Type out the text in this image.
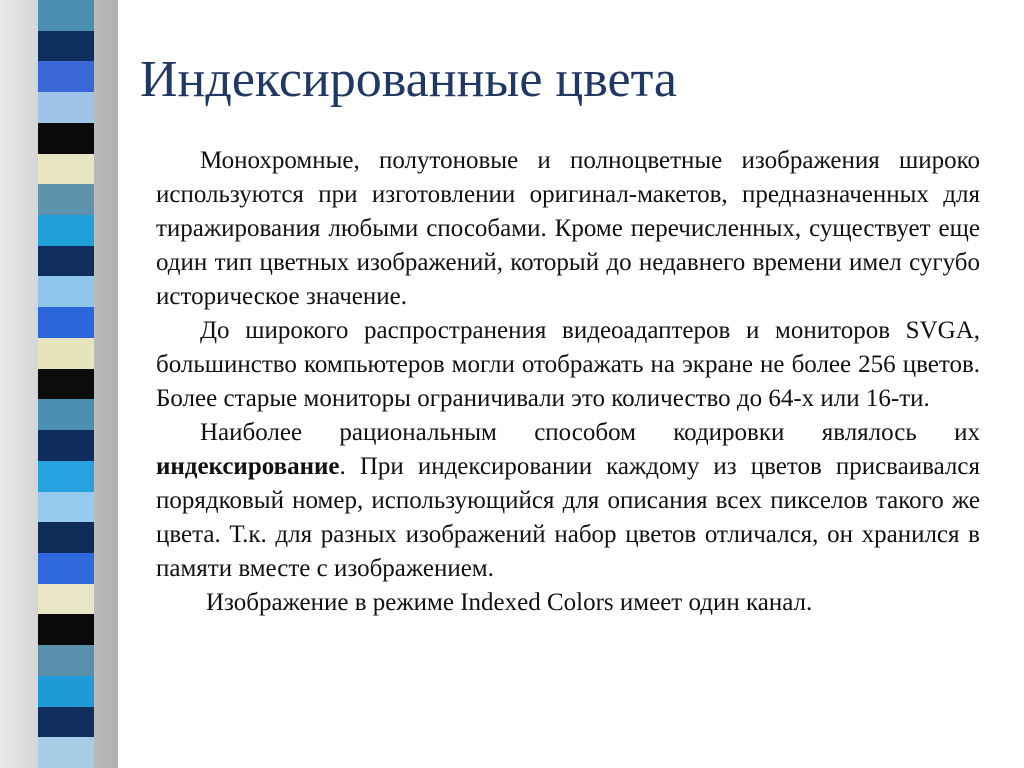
Индексированные цвета

Монохромные, полутоновые и полноцветные изображения широко используются при изготовлении оригинал-макетов, предназначенных для тиражирования любыми способами. Кроме перечисленных, существует еще один тип цветных изображений, который до недавнего времени имел сугубо историческое значение.

До широкого распространения видеоадаптеров и мониторов SVGA, большинство компьютеров могли отображать на экране не более 256 цветов. Более старые мониторы ограничивали это количество до 64-х или 16-ти.

Наиболее рациональным способом кодировки являлось их индексирование. При индексировании каждому из цветов присваивался порядковый номер, использующийся для описания всех пикселов такого же цвета. Т.к. для разных изображений набор цветов отличался, он хранился в памяти вместе с изображением.

Изображение в режиме Indexed Colors имеет один канал.
